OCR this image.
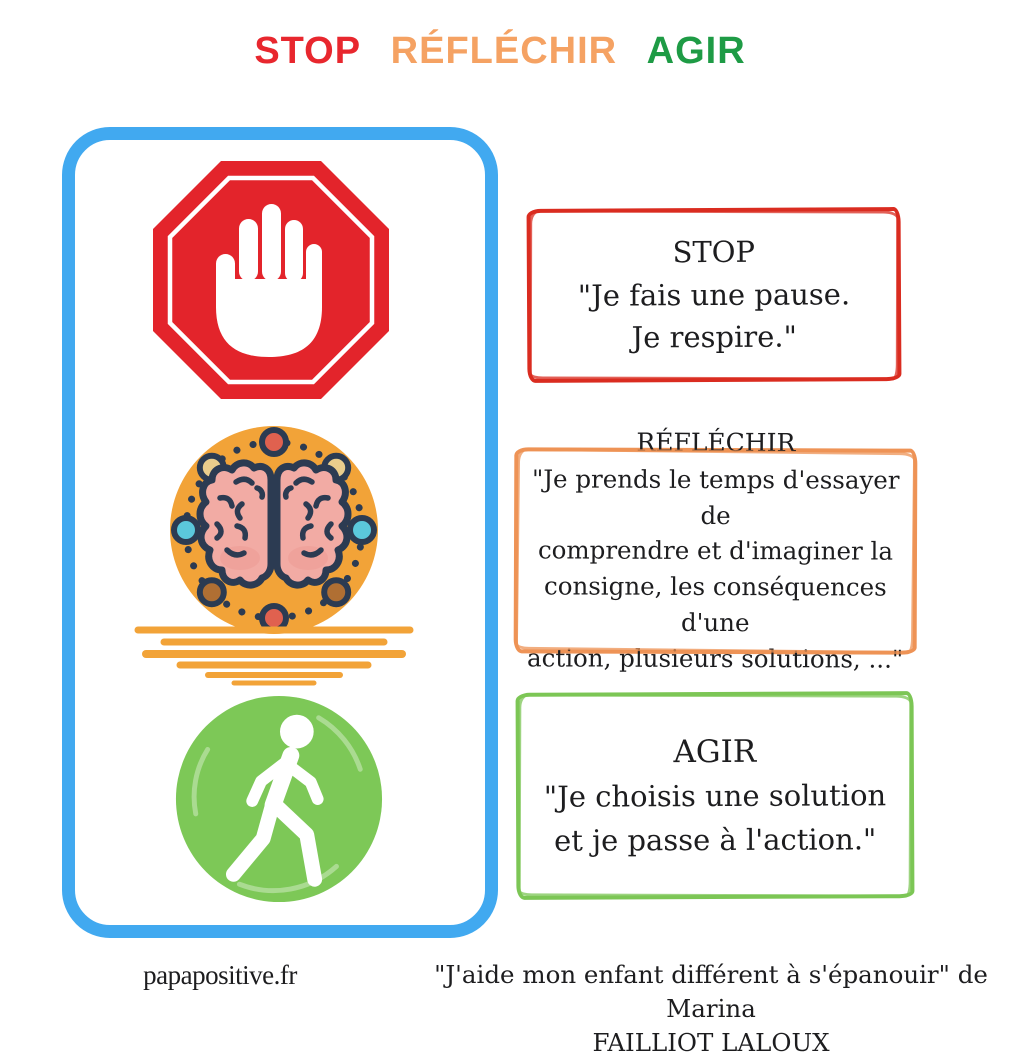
STOP RÉFLÉCHIR AGIR
STOP
"Je fais une pause.
Je respire."
RÉFLÉCHIR
"Je prends le temps d'essayer de
comprendre et d'imaginer la
consigne, les conséquences d'une
action, plusieurs solutions, ..."
AGIR
"Je choisis une solution
et je passe à l'action."
papapositive.fr	"J'aide mon enfant différent à s'épanouir" de Marina
FAILLIOT LALOUX
